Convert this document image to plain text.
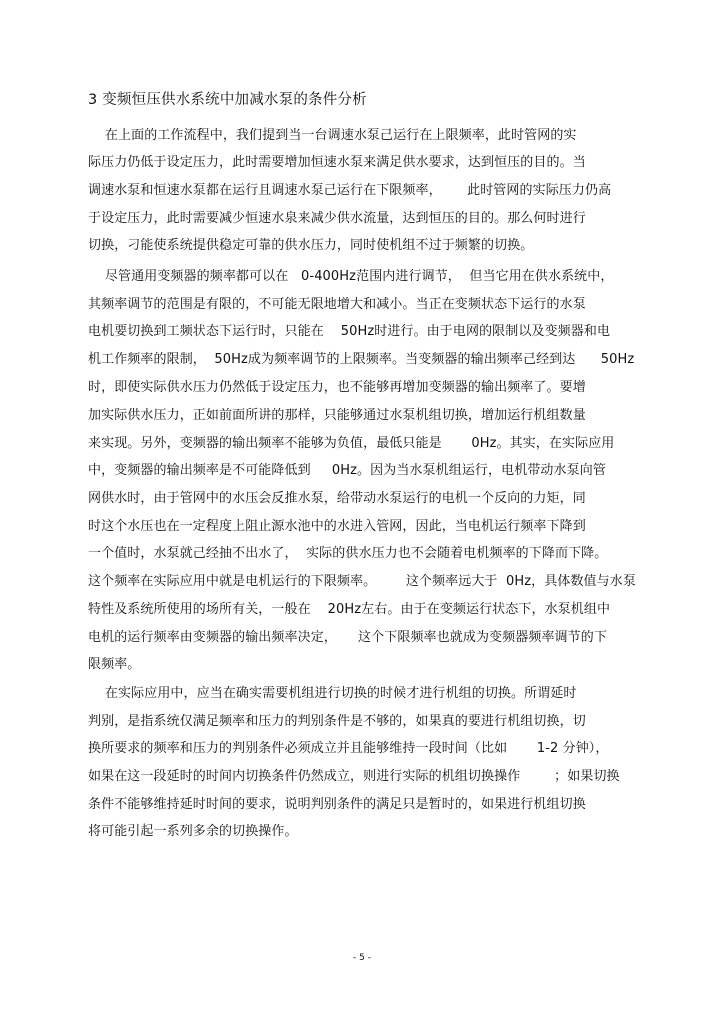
3 变频恒压供水系统中加减水泵的条件分析
在上面的工作流程中，我们提到当一台调速水泵己运行在上限频率，此时管网的实
际压力仍低于设定压力，此时需要增加恒速水泵来满足供水要求，达到恒压的目的。当
调速水泵和恒速水泵都在运行且调速水泵己运行在下限频率，      此时管网的实际压力仍高
于设定压力，此时需要减少恒速水泉来减少供水流量，达到恒压的目的。那么何时进行
切换，刁能使系统提供稳定可靠的供水压力，同时使机组不过于频繁的切换。
尽管通用变频器的频率都可以在   0-400Hz范围内进行调节，  但当它用在供水系统中，
其频率调节的范围是有限的，不可能无限地增大和减小。当正在变频状态下运行的水泵
电机要切换到工频状态下运行时，只能在    50Hz时进行。由于电网的限制以及变频器和电
机工作频率的限制，  50Hz成为频率调节的上限频率。当变频器的输出频率己经到达      50Hz
时，即使实际供水压力仍然低于设定压力，也不能够再增加变频器的输出频率了。要增
加实际供水压力，正如前面所讲的那样，只能够通过水泵机组切换，增加运行机组数量
来实现。另外，变频器的输出频率不能够为负值，最低只能是       0Hz。其实，在实际应用
中，变频器的输出频率是不可能降低到     0Hz。因为当水泵机组运行，电机带动水泵向管
网供水时，由于管网中的水压会反推水泵，给带动水泵运行的电机一个反向的力矩，同
时这个水压也在一定程度上阻止源水池中的水进入管网，因此，当电机运行频率下降到
一个值时，水泵就己经抽不出水了，  实际的供水压力也不会随着电机频率的下降而下降。
这个频率在实际应用中就是电机运行的下限频率。       这个频率远大于  0Hz，具体数值与水泵
特性及系统所使用的场所有关，一般在    20Hz左右。由于在变频运行状态下，水泵机组中
电机的运行频率由变频器的输出频率决定，     这个下限频率也就成为变频器频率调节的下
限频率。
在实际应用中，应当在确实需要机组进行切换的时候才进行机组的切换。所谓延时
判别，是指系统仅满足频率和压力的判别条件是不够的，如果真的要进行机组切换，切
换所要求的频率和压力的判别条件必须成立并且能够维持一段时间（比如       1-2 分钟），
如果在这一段延时的时间内切换条件仍然成立，则进行实际的机组切换操作        ；如果切换
条件不能够维持延时时间的要求，说明判别条件的满足只是暂时的，如果进行机组切换
将可能引起一系列多余的切换操作。
- 5 -
